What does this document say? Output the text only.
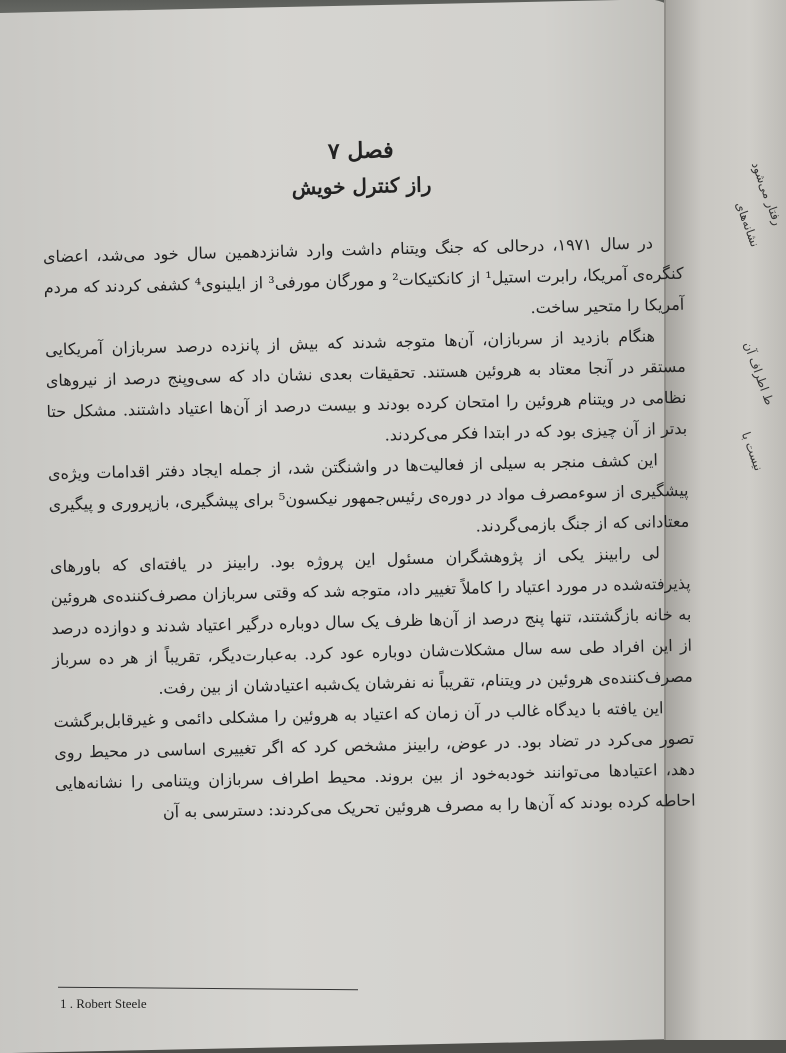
رفتار می‌شود
نشانه‌های
ط اطراف آن
نیست با
فصل ۷
راز کنترل خویش

در سال ۱۹۷۱، درحالی که جنگ ویتنام داشت وارد شانزدهمین سال خود می‌شد، اعضای کنگره‌ی آمریکا، رابرت استیل¹ از کانکتیکات² و مورگان مورفی³ از ایلینوی⁴ کشفی کردند که مردم آمریکا را متحیر ساخت.

هنگام بازدید از سربازان، آن‌ها متوجه شدند که بیش از پانزده درصد سربازان آمریکایی مستقر در آنجا معتاد به هروئین هستند. تحقیقات بعدی نشان داد که سی‌وپنج درصد از نیروهای نظامی در ویتنام هروئین را امتحان کرده بودند و بیست درصد از آن‌ها اعتیاد داشتند. مشکل حتا بدتر از آن چیزی بود که در ابتدا فکر می‌کردند.

این کشف منجر به سیلی از فعالیت‌ها در واشنگتن شد، از جمله ایجاد دفتر اقدامات ویژه‌ی پیشگیری از سوءمصرف مواد در دوره‌ی رئیس‌جمهور نیکسون⁵ برای پیشگیری، بازپروری و پیگیری معتادانی که از جنگ باز‌می‌گردند.

لی رابینز یکی از پژوهشگران مسئول این پروژه بود. رابینز در یافته‌ای که باورهای پذیرفته‌شده در مورد اعتیاد را کاملاً تغییر داد، متوجه شد که وقتی سربازان مصرف‌کننده‌ی هروئین به خانه بازگشتند، تنها پنج درصد از آن‌ها ظرف یک سال دوباره درگیر اعتیاد شدند و دوازده درصد از این افراد طی سه سال مشکلات‌شان دوباره عود کرد. به‌عبارت‌دیگر، تقریباً از هر ده سرباز مصرف‌کننده‌ی هروئین در ویتنام، تقریباً نه نفرشان یک‌شبه اعتیادشان از بین رفت.

این یافته با دیدگاه غالب در آن زمان که اعتیاد به هروئین را مشکلی دائمی و غیرقابل‌برگشت تصور می‌کرد در تضاد بود. در عوض، رابینز مشخص کرد که اگر تغییری اساسی در محیط روی دهد، اعتیادها می‌توانند خودبه‌خود از بین بروند. محیط اطراف سربازان ویتنامی را نشانه‌هایی احاطه کرده بودند که آن‌ها را به مصرف هروئین تحریک می‌کردند: دسترسی به آن

1 . Robert Steele
